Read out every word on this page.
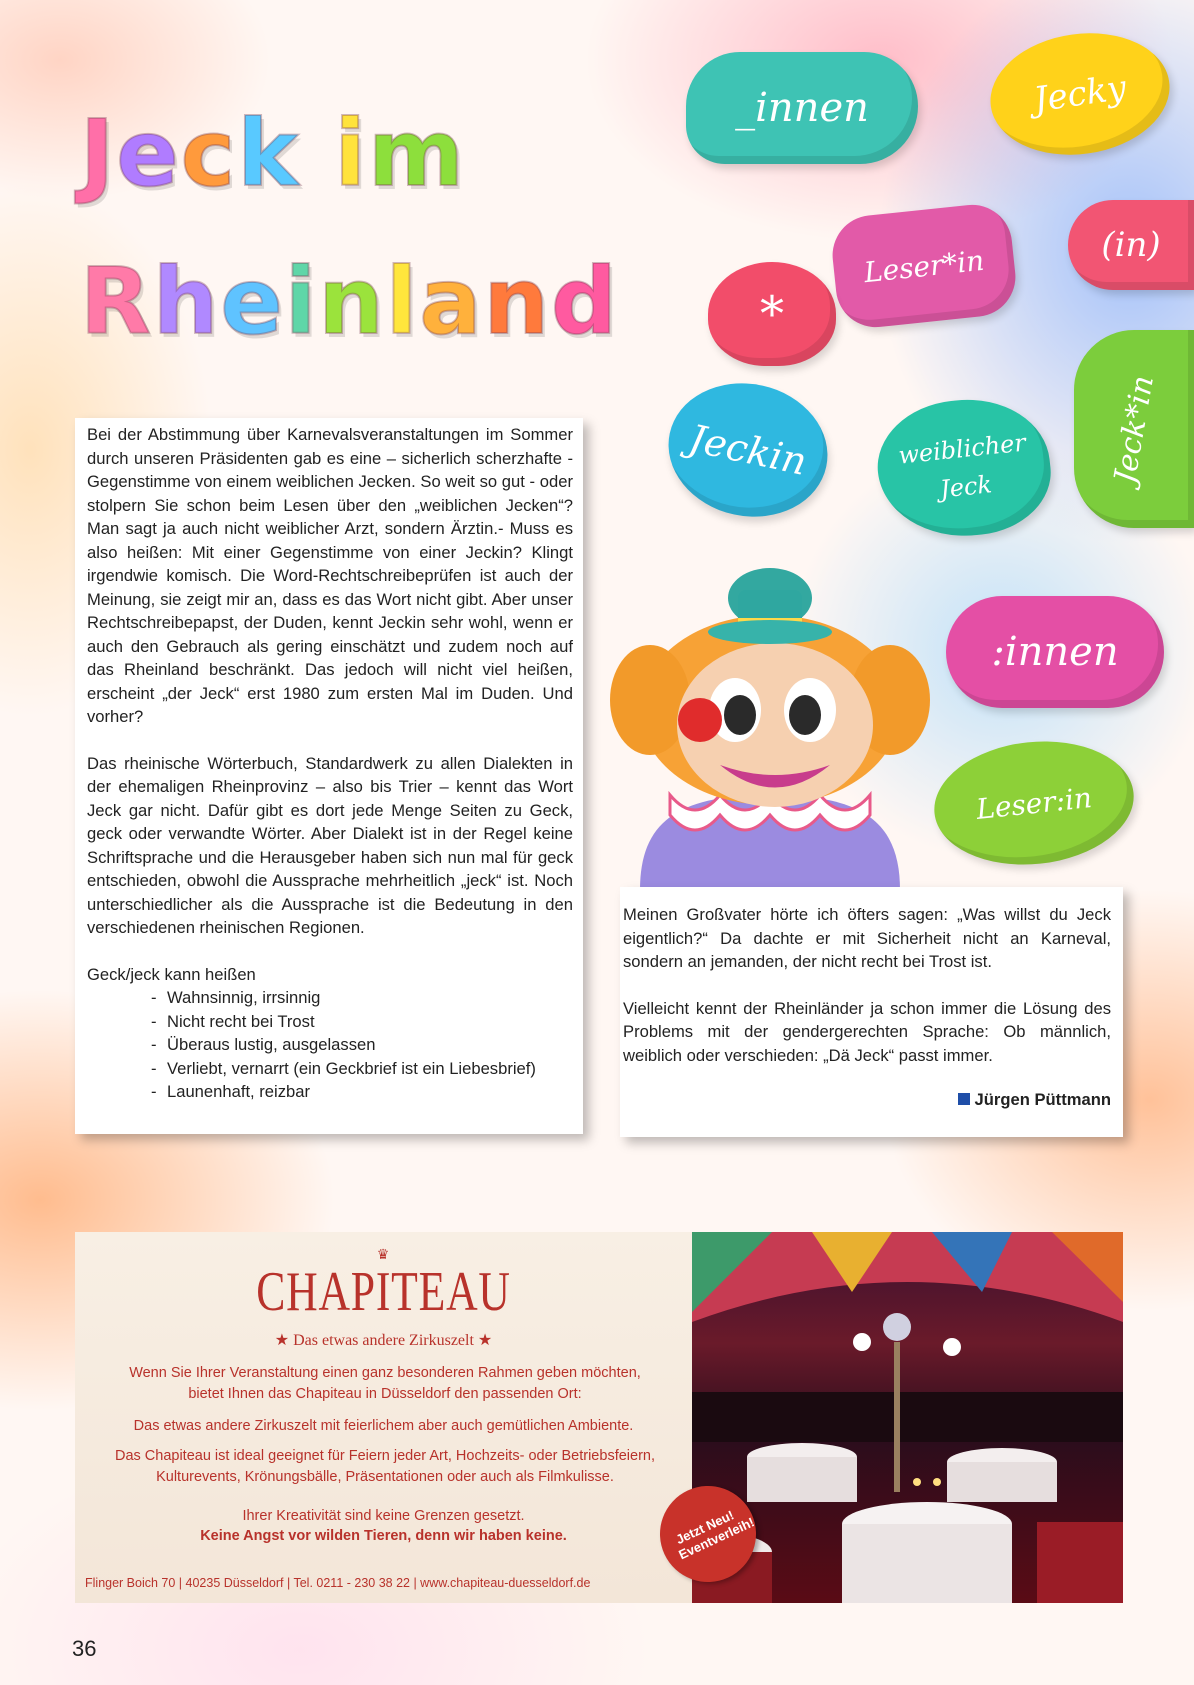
Jeck im
Rheinland
_innen	Jecky
Leser*in	(in)
*
Jeckin	weiblicher Jeck
Jeck*in
:innen
Leser:in

Bei der Abstimmung über Karnevalsveranstaltungen im Sommer durch unseren Präsidenten gab es eine – sicherlich scherzhafte - Gegenstimme von einem weiblichen Jecken. So weit so gut - oder stolpern Sie schon beim Lesen über den „weiblichen Jecken“? Man sagt ja auch nicht weiblicher Arzt, sondern Ärztin.- Muss es also heißen: Mit einer Gegenstimme von einer Jeckin? Klingt irgendwie komisch. Die Word-Rechtschreibeprüfen ist auch der Meinung, sie zeigt mir an, dass es das Wort nicht gibt. Aber unser Rechtschreibepapst, der Duden, kennt Jeckin sehr wohl, wenn er auch den Gebrauch als gering einschätzt und zudem noch auf das Rheinland beschränkt. Das jedoch will nicht viel heißen, erscheint „der Jeck“ erst 1980 zum ersten Mal im Duden. Und vorher?

Das rheinische Wörterbuch, Standardwerk zu allen Dialekten in der ehemaligen Rheinprovinz – also bis Trier – kennt das Wort Jeck gar nicht. Dafür gibt es dort jede Menge Seiten zu Geck, geck oder verwandte Wörter. Aber Dialekt ist in der Regel keine Schriftsprache und die Herausgeber haben sich nun mal für geck entschieden, obwohl die Aussprache mehrheitlich „jeck“ ist. Noch unterschiedlicher als die Aussprache ist die Bedeutung in den verschiedenen rheinischen Regionen.

Geck/jeck kann heißen
- Wahnsinnig, irrsinnig
- Nicht recht bei Trost
- Überaus lustig, ausgelassen
- Verliebt, vernarrt (ein Geckbrief ist ein Liebesbrief)
- Launenhaft, reizbar

Meinen Großvater hörte ich öfters sagen: „Was willst du Jeck eigentlich?“ Da dachte er mit Sicherheit nicht an Karneval, sondern an jemanden, der nicht recht bei Trost ist.

Vielleicht kennt der Rheinländer ja schon immer die Lösung des Problems mit der gendergerechten Sprache: Ob männlich, weiblich oder verschieden: „Dä Jeck“ passt immer.

Jürgen Püttmann
♛
CHAPITEAU
★ Das etwas andere Zirkuszelt ★
Wenn Sie Ihrer Veranstaltung einen ganz besonderen Rahmen geben möchten, bietet Ihnen das Chapiteau in Düsseldorf den passenden Ort:
Das etwas andere Zirkuszelt mit feierlichem aber auch gemütlichen Ambiente.
Das Chapiteau ist ideal geeignet für Feiern jeder Art, Hochzeits- oder Betriebsfeiern, Kulturevents, Krönungsbälle, Präsentationen oder auch als Filmkulisse.
Ihrer Kreativität sind keine Grenzen gesetzt.
Keine Angst vor wilden Tieren, denn wir haben keine.
Flinger Boich 70 | 40235 Düsseldorf | Tel. 0211 - 230 38 22 | www.chapiteau-duesseldorf.de
Jetzt Neu! Eventverleih!
36
